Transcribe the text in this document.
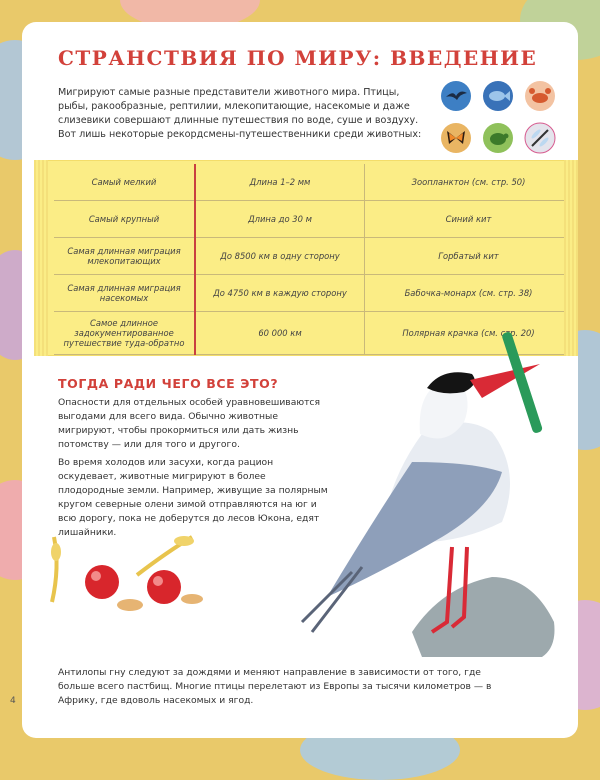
СТРАНСТВИЯ ПО МИРУ: ВВЕДЕНИЕ

Мигрируют самые разные представители животного мира. Птицы, рыбы, ракообразные, рептилии, млекопитающие, насекомые и даже слизевики совершают длинные путешествия по воде, суше и воздуху. Вот лишь некоторые рекордсмены-путешественники среди животных:

Самый мелкий	Длина 1–2 мм	Зоопланктон (см. стр. 50)
Самый крупный	Длина до 30 м	Синий кит
Самая длинная миграция млекопитающих	До 8500 км в одну сторону	Горбатый кит
Самая длинная миграция насекомых	До 4750 км в каждую сторону	Бабочка-монарх (см. стр. 38)
Самое длинное задокументированное путешествие туда-обратно	60 000 км	Полярная крачка (см. стр. 20)
ТОГДА РАДИ ЧЕГО ВСЕ ЭТО?

Опасности для отдельных особей уравновешиваются выгодами для всего вида. Обычно животные мигрируют, чтобы прокормиться или дать жизнь потомству — или для того и другого.

Во время холодов или засухи, когда рацион оскудевает, животные мигрируют в более плодородные земли. Например, живущие за полярным кругом северные олени зимой отправляются на юг и всю дорогу, пока не доберутся до лесов Юкона, едят лишайники.

Антилопы гну следуют за дождями и меняют направление в зависимости от того, где больше всего пастбищ. Многие птицы перелетают из Европы за тысячи километров — в Африку, где вдоволь насекомых и ягод.

4
